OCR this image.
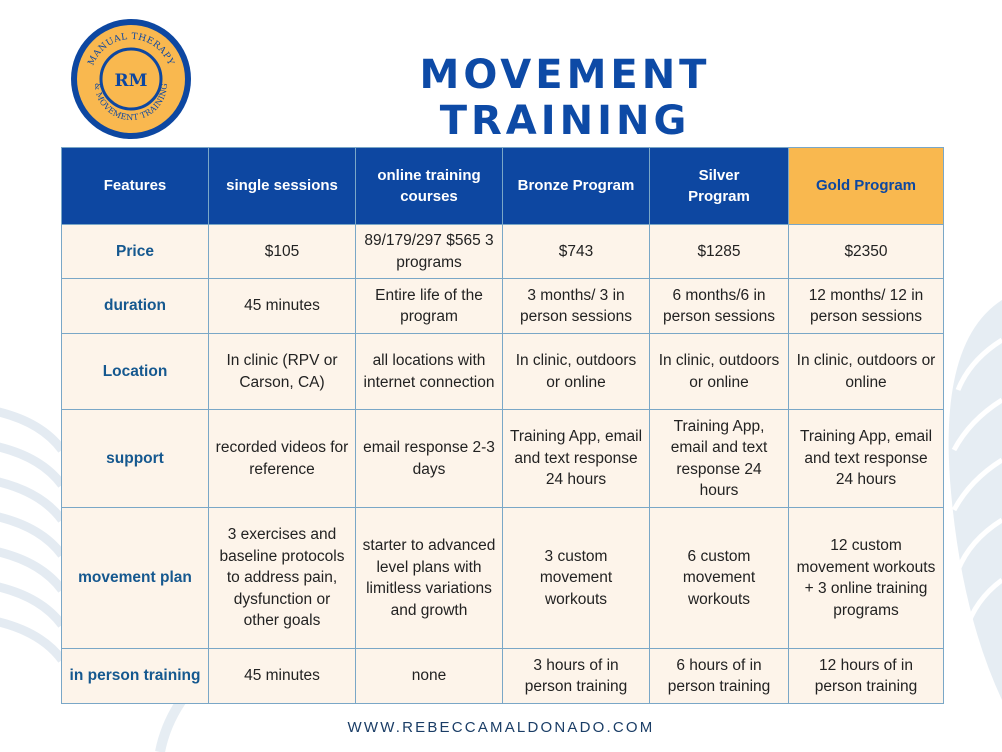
MANUAL THERAPY
& MOVEMENT TRAINING
RM	MOVEMENT TRAINING
Features	single sessions	online training courses	Bronze Program	Silver Program	Gold Program
Price	$105	89/179/297 $565 3 programs	$743	$1285	$2350
duration	45 minutes	Entire life of the program	3 months/ 3 in person sessions	6 months/6 in person sessions	12 months/ 12 in person sessions
Location	In clinic (RPV or Carson, CA)	all locations with internet connection	In clinic, outdoors or online	In clinic, outdoors or online	In clinic, outdoors or online
support	recorded videos for reference	email response 2-3 days	Training App, email and text response 24 hours	Training App, email and text response 24 hours	Training App, email and text response 24 hours
movement plan	3 exercises and baseline protocols to address pain, dysfunction or other goals	starter to advanced level plans with limitless variations and growth	3 custom movement workouts	6 custom movement workouts	12 custom movement workouts + 3 online training programs
in person training	45 minutes	none	3 hours of in person training	6 hours of in person training	12 hours of in person training
WWW.REBECCAMALDONADO.COM
